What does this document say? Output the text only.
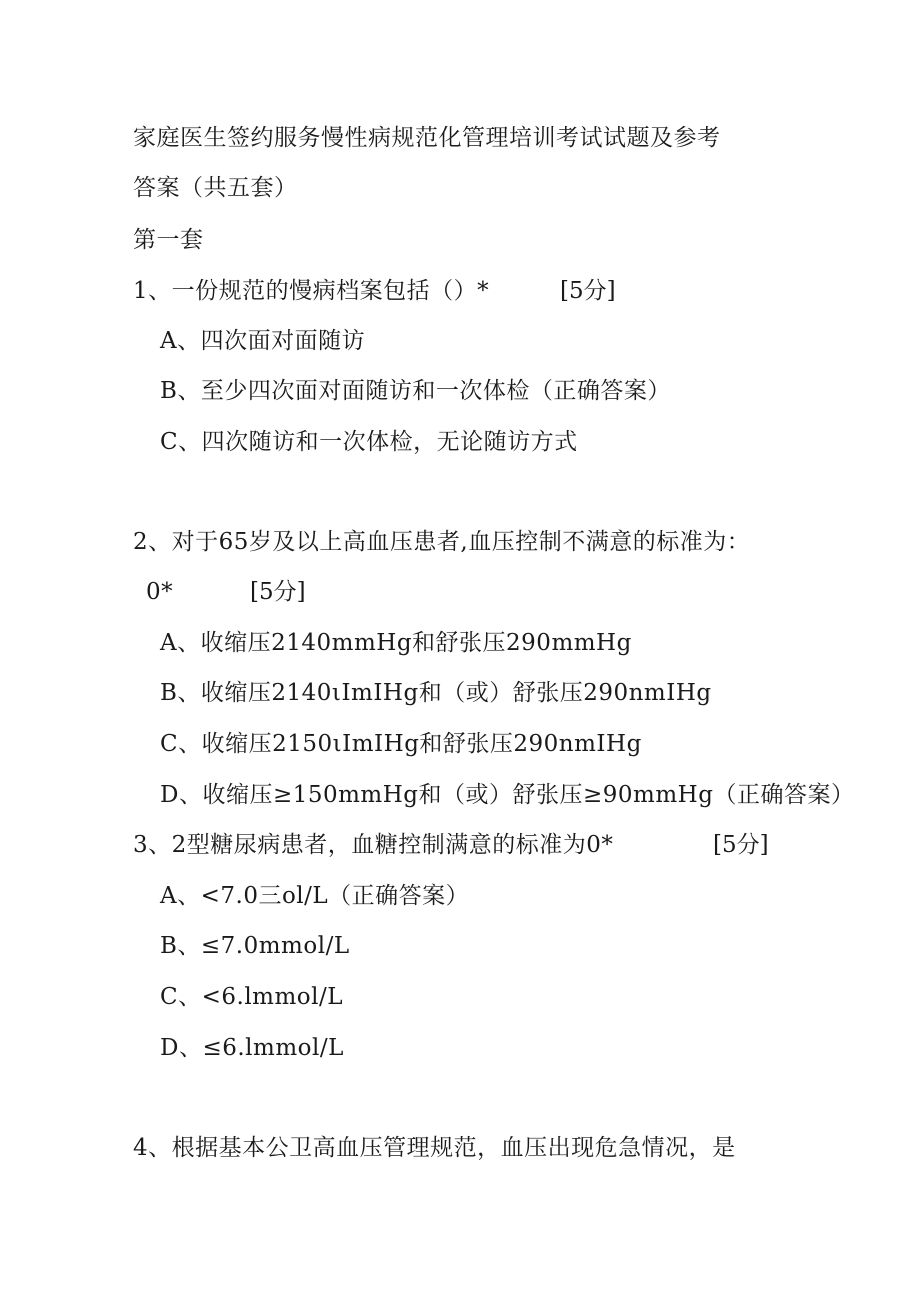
家庭医生签约服务慢性病规范化管理培训考试试题及参考
答案（共五套）
第一套
1、一份规范的慢病档案包括（）*	[5分]
A、四次面对面随访
B、至少四次面对面随访和一次体检（正确答案）
C、四次随访和一次体检，无论随访方式
2、对于65岁及以上高血压患者,血压控制不满意的标准为：
0*	[5分]
A、收缩压2140mmHg和舒张压290mmHg
B、收缩压2140ιImIHg和（或）舒张压290nmIHg
C、收缩压2150ιImIHg和舒张压290nmIHg
D、收缩压≥150mmHg和（或）舒张压≥90mmHg（正确答案）
3、2型糖尿病患者，血糖控制满意的标准为0*	[5分]
A、<7.0三ol/L（正确答案）
B、≤7.0mmol/L
C、<6.lmmol/L
D、≤6.lmmol/L
4、根据基本公卫高血压管理规范，血压出现危急情况，是
